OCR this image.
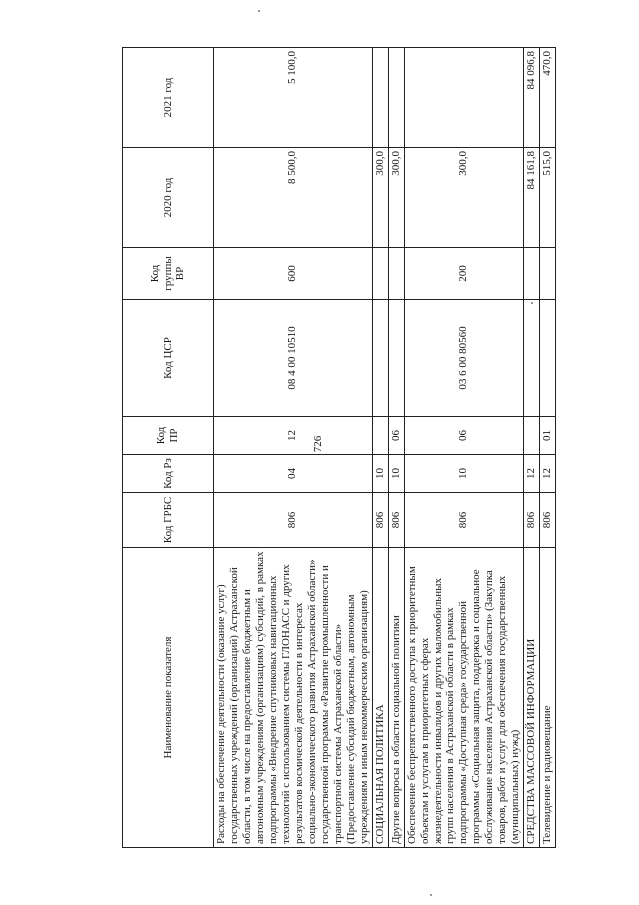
726
Наименование показателя	Код ГРБС	Код Рз	Код ПР	Код ЦСР	Код группы ВР	2020 год	2021 год
Расходы на обеспечение деятельности (оказание услуг) государственных учреждений (организаций) Астраханской области, в том числе на предоставление бюджетным и автономным учреждениям (организациям) субсидий, в рамках подпрограммы «Внедрение спутниковых навигационных технологий с использованием системы ГЛОНАСС и других результатов космической деятельности в интересах социально-экономического развития Астраханской области» государственной программы «Развитие промышленности и транспортной системы Астраханской области» (Предоставление субсидий бюджетным, автономным учреждениям и иным некоммерческим организациям)	806	04	12	08 4 00 10510	600	8 500,0	5 100,0
СОЦИАЛЬНАЯ ПОЛИТИКА	806	10				300,0	
Другие вопросы в области социальной политики	806	10	06			300,0	
Обеспечение беспрепятственного доступа к приоритетным объектам и услугам в приоритетных сферах жизнедеятельности инвалидов и других маломобильных групп населения в Астраханской области в рамках подпрограммы «Доступная среда» государственной программы «Социальная защита, поддержка и социальное обслуживание населения Астраханской области» (Закупка товаров, работ и услуг для обеспечения государственных (муниципальных) нужд)	806	10	06	03 6 00 80560	200	300,0	
СРЕДСТВА МАССОВОЙ ИНФОРМАЦИИ	806	12				84 161,8	84 096,8
Телевидение и радиовещание	806	12	01			515,0	470,0
